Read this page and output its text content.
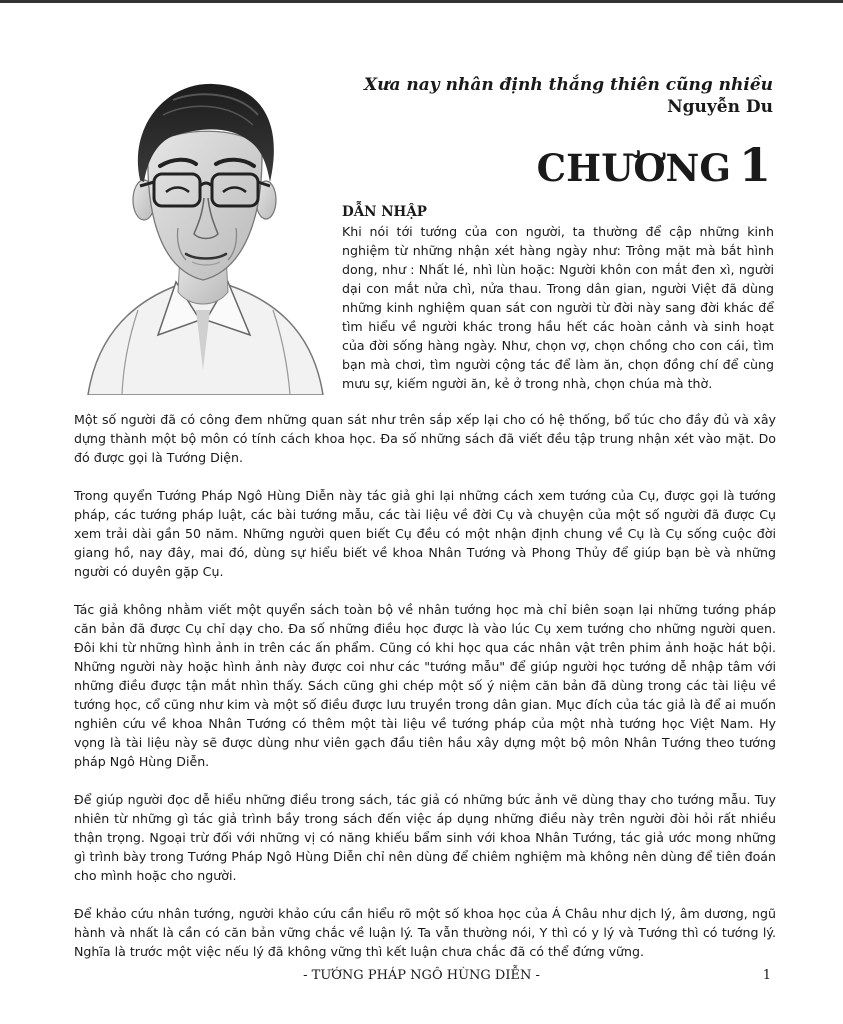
Xưa nay nhân định thắng thiên cũng nhiều
Nguyễn Du
CHƯƠNG 1
DẪN NHẬP

Khi nói tới tướng của con người, ta thường để cập những kinh nghiệm từ những nhận xét hàng ngày như: Trông mặt mà bắt hình dong, như : Nhất lé, nhì lùn hoặc: Người khôn con mắt đen xì, người dại con mắt nửa chì, nửa thau. Trong dân gian, người Việt đã dùng những kinh nghiệm quan sát con người từ đời này sang đời khác để tìm hiểu về người khác trong hầu hết các hoàn cảnh và sinh hoạt của đời sống hàng ngày. Như, chọn vợ, chọn chồng cho con cái, tìm bạn mà chơi, tìm người cộng tác để làm ăn, chọn đồng chí để cùng mưu sự, kiếm người ăn, kẻ ở trong nhà, chọn chúa mà thờ.

Một số người đã có công đem những quan sát như trên sắp xếp lại cho có hệ thống, bổ túc cho đầy đủ và xây dựng thành một bộ môn có tính cách khoa học. Đa số những sách đã viết đều tập trung nhận xét vào mặt. Do đó được gọi là Tướng Diện.

Trong quyển Tướng Pháp Ngô Hùng Diễn này tác giả ghi lại những cách xem tướng của Cụ, được gọi là tướng pháp, các tướng pháp luật, các bài tướng mẫu, các tài liệu về đời Cụ và chuyện của một số người đã được Cụ xem trải dài gần 50 năm. Những người quen biết Cụ đều có một nhận định chung về Cụ là Cụ sống cuộc đời giang hồ, nay đây, mai đó, dùng sự hiểu biết về khoa Nhân Tướng và Phong Thủy để giúp bạn bè và những người có duyên gặp Cụ.

Tác giả không nhằm viết một quyển sách toàn bộ về nhân tướng học mà chỉ biên soạn lại những tướng pháp căn bản đã được Cụ chỉ dạy cho. Đa số những điều học được là vào lúc Cụ xem tướng cho những người quen. Đôi khi từ những hình ảnh in trên các ấn phẩm. Cũng có khi học qua các nhân vật trên phim ảnh hoặc hát bội. Những người này hoặc hình ảnh này được coi như các "tướng mẫu" để giúp người học tướng dễ nhập tâm với những điều được tận mắt nhìn thấy. Sách cũng ghi chép một số ý niệm căn bản đã dùng trong các tài liệu về tướng học, cổ cũng như kim và một số điều được lưu truyền trong dân gian. Mục đích của tác giả là để ai muốn nghiên cứu về khoa Nhân Tướng có thêm một tài liệu về tướng pháp của một nhà tướng học Việt Nam. Hy vọng là tài liệu này sẽ được dùng như viên gạch đầu tiên hầu xây dựng một bộ môn Nhân Tướng theo tướng pháp Ngô Hùng Diễn.

Để giúp người đọc dễ hiểu những điều trong sách, tác giả có những bức ảnh vẽ dùng thay cho tướng mẫu. Tuy nhiên từ những gì tác giả trình bầy trong sách đến việc áp dụng những điều này trên người đòi hỏi rất nhiều thận trọng. Ngoại trừ đối với những vị có năng khiếu bẩm sinh với khoa Nhân Tướng, tác giả ước mong những gì trình bày trong Tướng Pháp Ngô Hùng Diễn chỉ nên dùng để chiêm nghiệm mà không nên dùng để tiên đoán cho mình hoặc cho người.

Để khảo cứu nhân tướng, người khảo cứu cần hiểu rõ một số khoa học của Á Châu như dịch lý, âm dương, ngũ hành và nhất là cần có căn bản vững chắc về luận lý. Ta vẫn thường nói, Y thì có y lý và Tướng thì có tướng lý. Nghĩa là trước một việc nếu lý đã không vững thì kết luận chưa chắc đã có thể đứng vững.

- TƯỚNG PHÁP NGÔ HÙNG DIỄN -	1
